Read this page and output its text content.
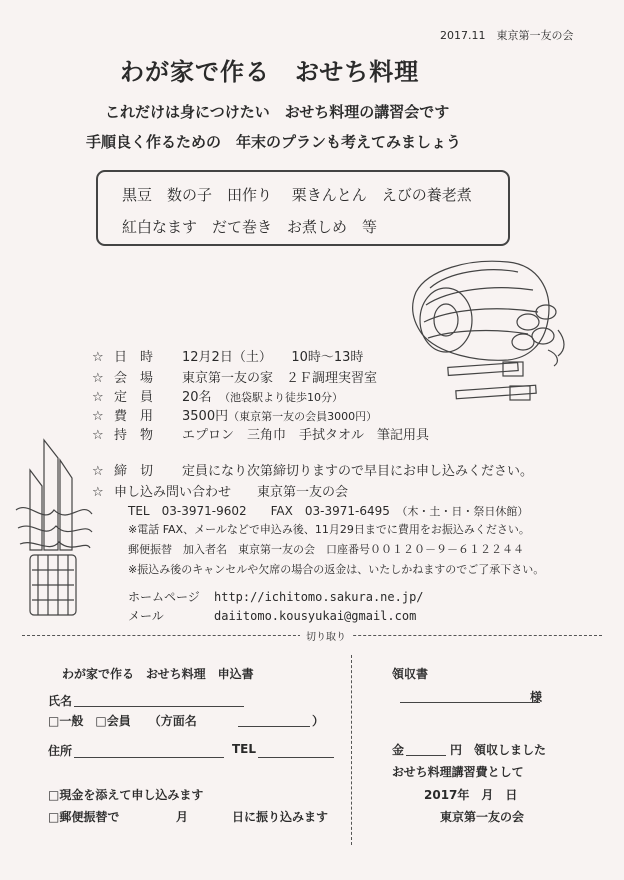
2017.11　 東京第一友の会
わが家で作る　おせち料理
これだけは身につけたい　おせち料理の講習会です
手順良く作るための　年末のプランも考えてみましょう
黒豆　数の子　田作り　 栗きんとん　えびの養老煮
紅白なます　だて巻き　お煮しめ　等
☆ 日　時 12月2日（土）　　10時～13時
☆ 会　場 東京第一友の家　２Ｆ調理実習室
☆ 定　員 20名　 （池袋駅より徒歩10分）
☆ 費　用 3500円（東京第一友の会員3000円）
☆ 持　物 エプロン　三角巾　手拭タオル　筆記用具
☆ 締　切 定員になり次第締切りますので早目にお申し込みください。
☆ 申し込み問い合わせ　　 東京第一友の会
TEL　03-3971-9602　　 FAX　03-3971-6495　 （木・土・日・祭日休館）
※電話 FAX、メールなどで申込み後、11月29日までに費用をお振込みください。
郵便振替　加入者名　東京第一友の会　口座番号００１２０－９－６１２２４４
※振込み後のキャンセルや欠席の場合の返金は、いたしかねますのでご了承下さい。
ホームページ http://ichitomo.sakura.ne.jp/
メール	daiitomo.kousyukai@gmail.com
切り取り
わが家で作る　おせち料理　申込書
氏名
□一般　 □会員　　 （方面名	）
住所	TEL
□現金を添えて申し込みます
□郵便振替で	月	日に振り込みます
領収書
様
金	円　領収しました
おせち料理講習費として
2017年　月　日
東京第一友の会
